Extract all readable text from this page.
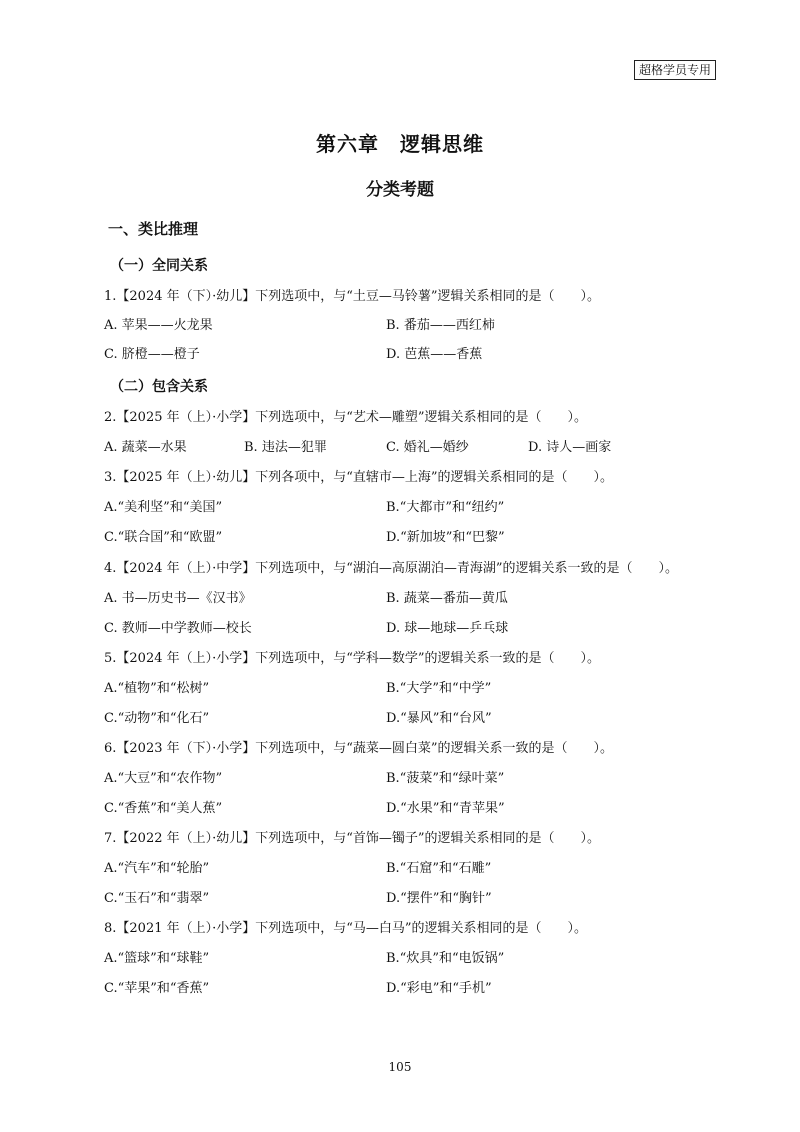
超格学员专用
第六章　逻辑思维
分类考题
一、类比推理
（一）全同关系
1.【2024 年（下）·幼儿】下列选项中，与“土豆—马铃薯”逻辑关系相同的是（　　）。
A. 苹果——火龙果	B. 番茄——西红柿
C. 脐橙——橙子	D. 芭蕉——香蕉
（二）包含关系
2.【2025 年（上）·小学】下列选项中，与“艺术—雕塑”逻辑关系相同的是（　　）。
A. 蔬菜—水果	B. 违法—犯罪	C. 婚礼—婚纱	D. 诗人—画家
3.【2025 年（上）·幼儿】下列各项中，与“直辖市—上海”的逻辑关系相同的是（　　）。
A.“美利坚”和“美国”	B.“大都市”和“纽约”
C.“联合国”和“欧盟”	D.“新加坡”和“巴黎”
4.【2024 年（上）·中学】下列选项中，与“湖泊—高原湖泊—青海湖”的逻辑关系一致的是（　　）。
A. 书—历史书—《汉书》	B. 蔬菜—番茄—黄瓜
C. 教师—中学教师—校长	D. 球—地球—乒乓球
5.【2024 年（上）·小学】下列选项中，与“学科—数学”的逻辑关系一致的是（　　）。
A.“植物”和“松树”	B.“大学”和“中学”
C.“动物”和“化石”	D.“暴风”和“台风”
6.【2023 年（下）·小学】下列选项中，与“蔬菜—圆白菜”的逻辑关系一致的是（　　）。
A.“大豆”和“农作物”	B.“菠菜”和“绿叶菜”
C.“香蕉”和“美人蕉”	D.“水果”和“青苹果”
7.【2022 年（上）·幼儿】下列选项中，与“首饰—镯子”的逻辑关系相同的是（　　）。
A.“汽车”和“轮胎”	B.“石窟”和“石雕”
C.“玉石”和“翡翠”	D.“摆件”和“胸针”
8.【2021 年（上）·小学】下列选项中，与“马—白马”的逻辑关系相同的是（　　）。
A.“篮球”和“球鞋”	B.“炊具”和“电饭锅”
C.“苹果”和“香蕉”	D.“彩电”和“手机”
105
